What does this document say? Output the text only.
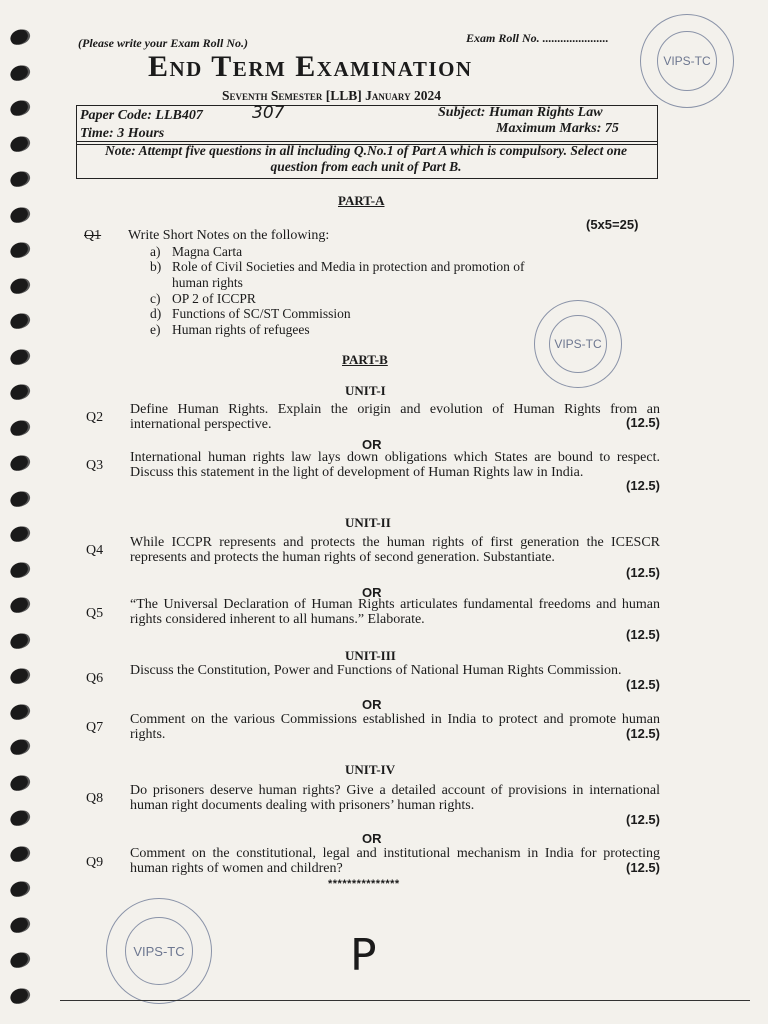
(Please write your Exam Roll No.)	Exam Roll No. ......................
End Term Examination
Seventh Semester [LLB] January 2024
Paper Code: LLB407	307	Subject: Human Rights Law
Time: 3 Hours	Maximum Marks: 75
Note: Attempt five questions in all including Q.No.1 of Part A which is compulsory. Select one question from each unit of Part B.
VIPS-TC
PART-A
Q1 Write Short Notes on the following:
(5x5=25)
a) Magna Carta
b) Role of Civil Societies and Media in protection and promotion of
human rights
c) OP 2 of ICCPR
d) Functions of SC/ST Commission
e) Human rights of refugees
VIPS-TC
PART-B
UNIT-I
Q2
Define Human Rights. Explain the origin and evolution of Human Rights from an international perspective.	(12.5)
OR
Q3
International human rights law lays down obligations which States are bound to respect. Discuss this statement in the light of development of Human Rights law in India.
(12.5)
UNIT-II
Q4
While ICCPR represents and protects the human rights of first generation the ICESCR represents and protects the human rights of second generation. Substantiate.
(12.5)
OR
Q5
“The Universal Declaration of Human Rights articulates fundamental freedoms and human rights considered inherent to all humans.” Elaborate.
(12.5)
UNIT-III
Q6
Discuss the Constitution, Power and Functions of National Human Rights Commission.
(12.5)
OR
Q7
Comment on the various Commissions established in India to protect and promote human rights.	(12.5)
UNIT-IV
Q8
Do prisoners deserve human rights? Give a detailed account of provisions in international human right documents dealing with prisoners’ human rights.
(12.5)
OR
Q9
Comment on the constitutional, legal and institutional mechanism in India for protecting human rights of women and children?	(12.5)
***************
VIPS-TC	P
